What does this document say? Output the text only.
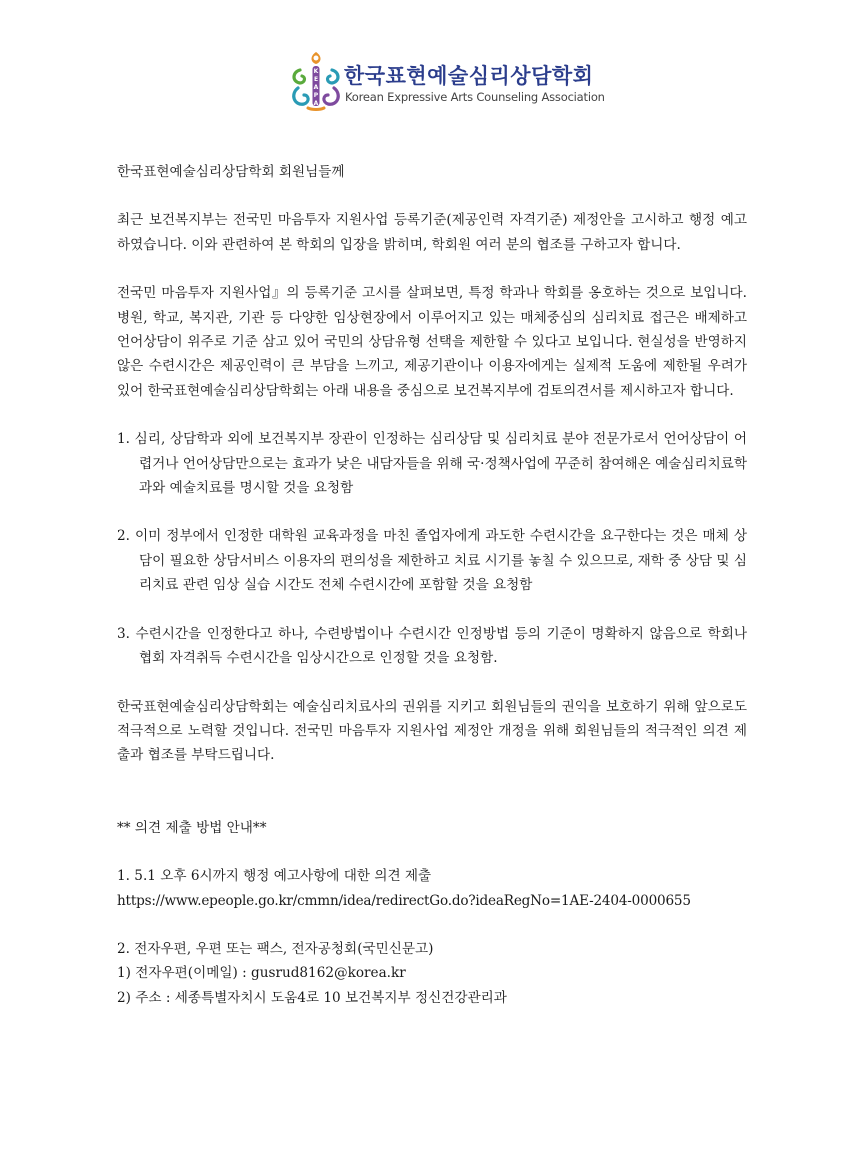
K
E
A
P
A
한국표현예술심리상담학회
Korean Expressive Arts Counseling Association

한국표현예술심리상담학회 회원님들께

최근 보건복지부는 전국민 마음투자 지원사업 등록기준(제공인력 자격기준) 제정안을 고시하고 행정 예고하였습니다. 이와 관련하여 본 학회의 입장을 밝히며, 학회원 여러 분의 협조를 구하고자 합니다.

전국민 마음투자 지원사업』의 등록기준 고시를 살펴보면, 특정 학과나 학회를 옹호하는 것으로 보입니다. 병원, 학교, 복지관, 기관 등 다양한 임상현장에서 이루어지고 있는 매체중심의 심리치료 접근은 배제하고 언어상담이 위주로 기준 삼고 있어 국민의 상담유형 선택을 제한할 수 있다고 보입니다. 현실성을 반영하지 않은 수련시간은 제공인력이 큰 부담을 느끼고, 제공기관이나 이용자에게는 실제적 도움에 제한될 우려가 있어 한국표현예술심리상담학회는 아래 내용을 중심으로 보건복지부에 검토의견서를 제시하고자 합니다.

1. 심리, 상담학과 외에 보건복지부 장관이 인정하는 심리상담 및 심리치료 분야 전문가로서 언어상담이 어렵거나 언어상담만으로는 효과가 낮은 내담자들을 위해 국·정책사업에 꾸준히 참여해온 예술심리치료학과와 예술치료를 명시할 것을 요청함

2. 이미 정부에서 인정한 대학원 교육과정을 마친 졸업자에게 과도한 수련시간을 요구한다는 것은 매체 상담이 필요한 상담서비스 이용자의 편의성을 제한하고 치료 시기를 놓칠 수 있으므로, 재학 중 상담 및 심리치료 관련 임상 실습 시간도 전체 수련시간에 포함할 것을 요청함

3. 수련시간을 인정한다고 하나, 수련방법이나 수련시간 인정방법 등의 기준이 명확하지 않음으로 학회나 협회 자격취득 수련시간을 임상시간으로 인정할 것을 요청함.

한국표현예술심리상담학회는 예술심리치료사의 권위를 지키고 회원님들의 권익을 보호하기 위해 앞으로도 적극적으로 노력할 것입니다. 전국민 마음투자 지원사업 제정안 개정을 위해 회원님들의 적극적인 의견 제출과 협조를 부탁드립니다.

** 의견 제출 방법 안내**

1. 5.1 오후 6시까지 행정 예고사항에 대한 의견 제출

https://www.epeople.go.kr/cmmn/idea/redirectGo.do?ideaRegNo=1AE-2404-0000655

2. 전자우편, 우편 또는 팩스, 전자공청회(국민신문고)

1) 전자우편(이메일) : gusrud8162@korea.kr

2) 주소 : 세종특별자치시 도움4로 10 보건복지부 정신건강관리과
